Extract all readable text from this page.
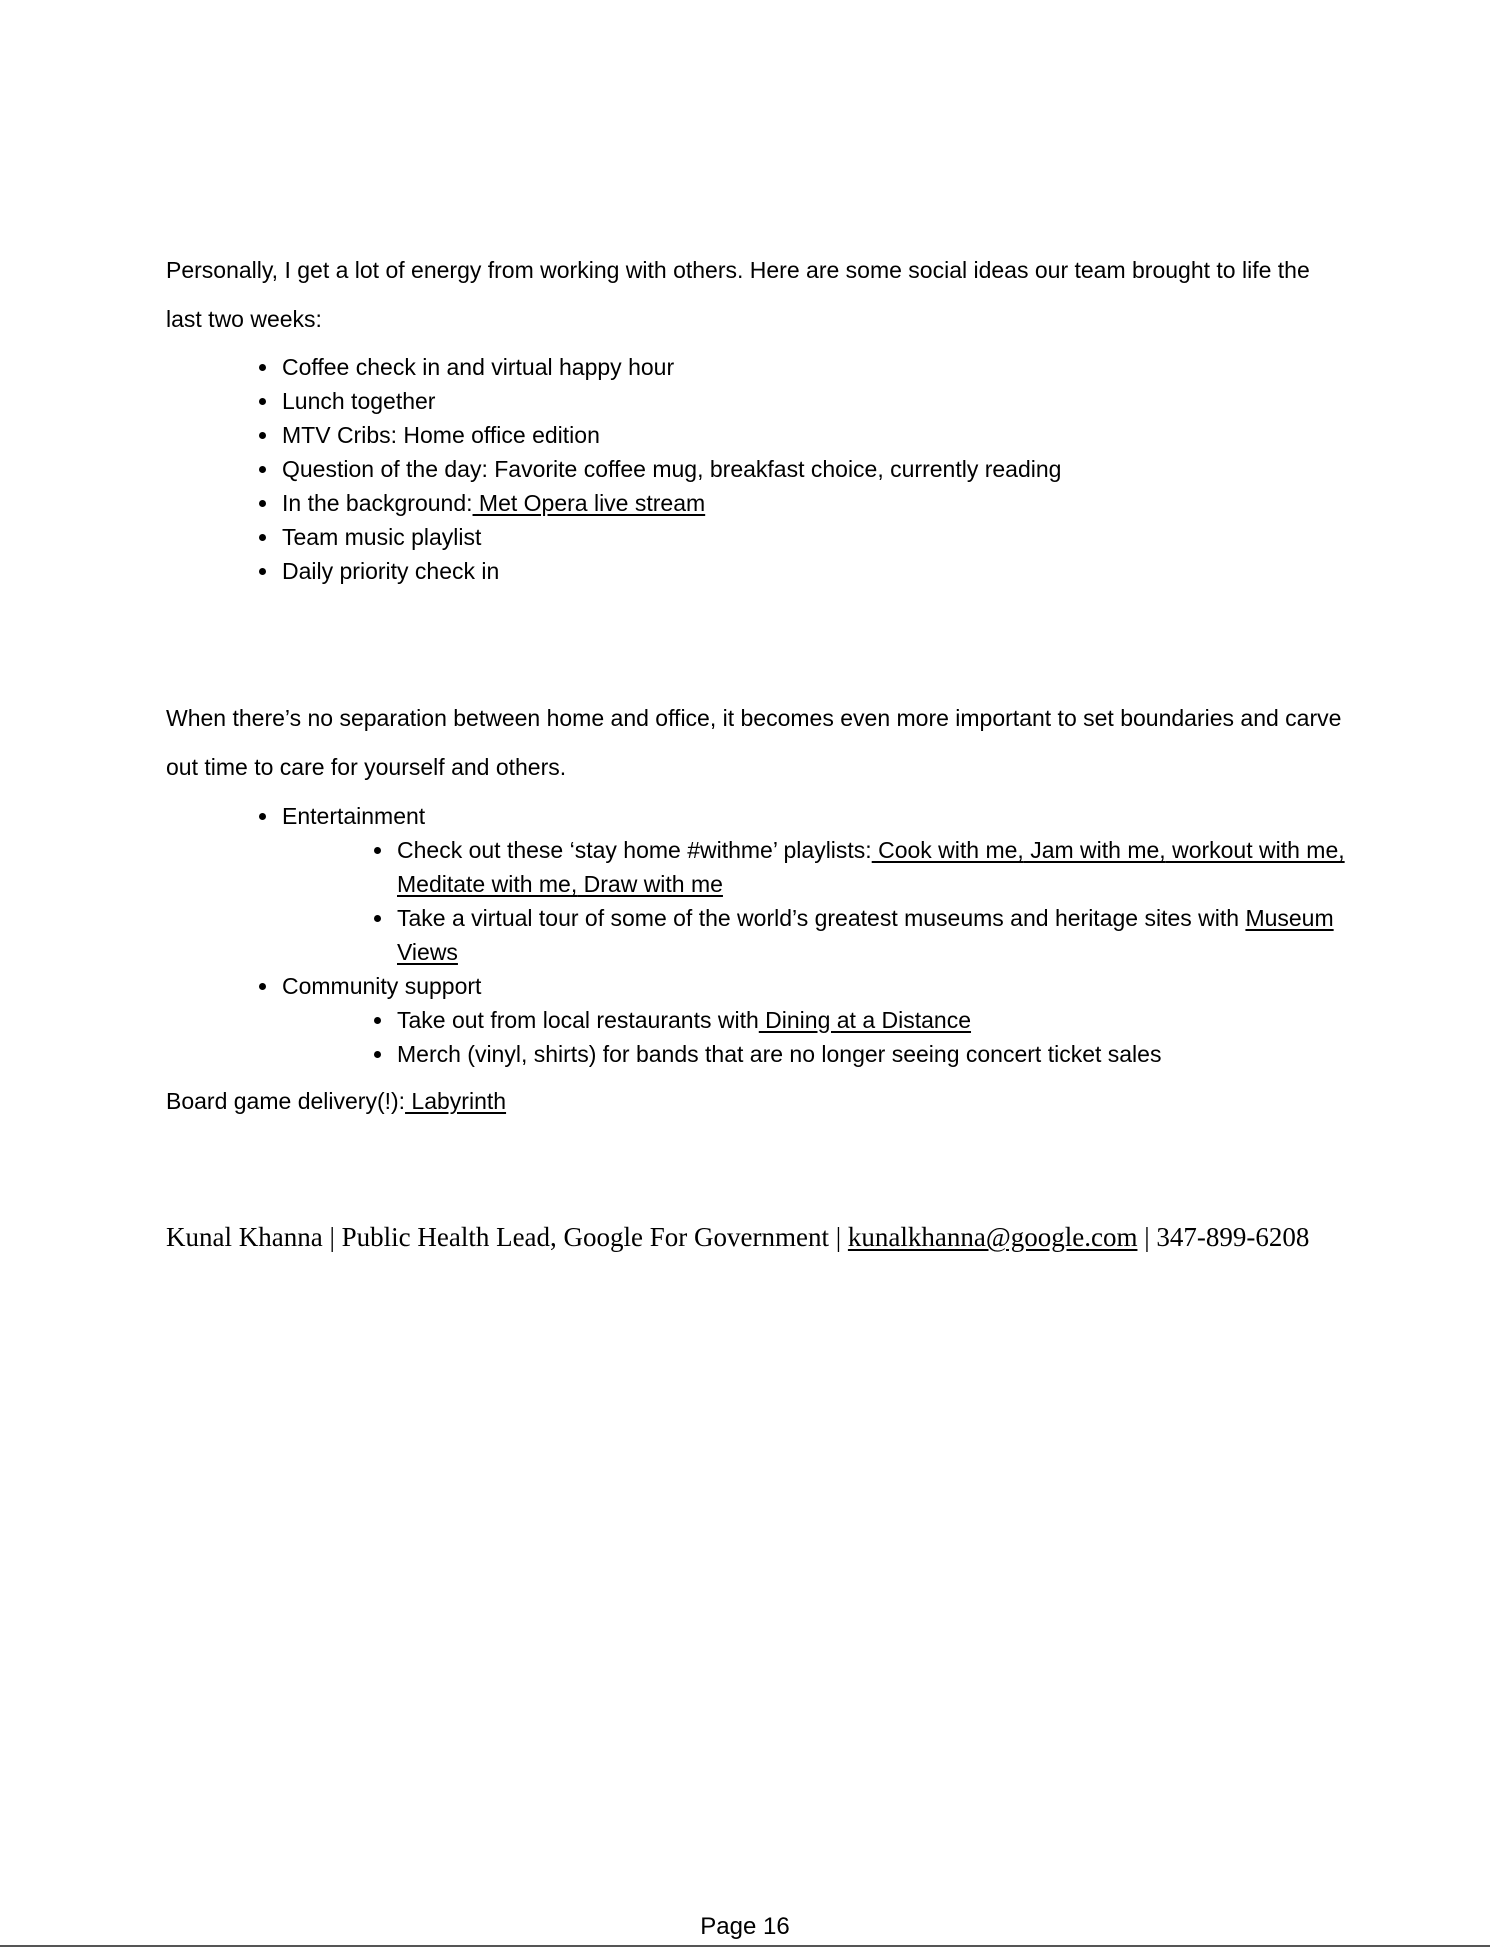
Personally, I get a lot of energy from working with others. Here are some social ideas our team brought to life the last two weeks:

Coffee check in and virtual happy hour
Lunch together
MTV Cribs: Home office edition
Question of the day: Favorite coffee mug, breakfast choice, currently reading
In the background: Met Opera live stream
Team music playlist
Daily priority check in

When there’s no separation between home and office, it becomes even more important to set boundaries and carve out time to care for yourself and others.

Entertainment
Check out these ‘stay home #withme’ playlists: Cook with me, Jam with me, workout with me, Meditate with me, Draw with me
Take a virtual tour of some of the world’s greatest museums and heritage sites with Museum Views
Community support
Take out from local restaurants with Dining at a Distance
Merch (vinyl, shirts) for bands that are no longer seeing concert ticket sales

Board game delivery(!): Labyrinth

Kunal Khanna | Public Health Lead, Google For Government | kunalkhanna@google.com | 347-899-6208

Page 16
